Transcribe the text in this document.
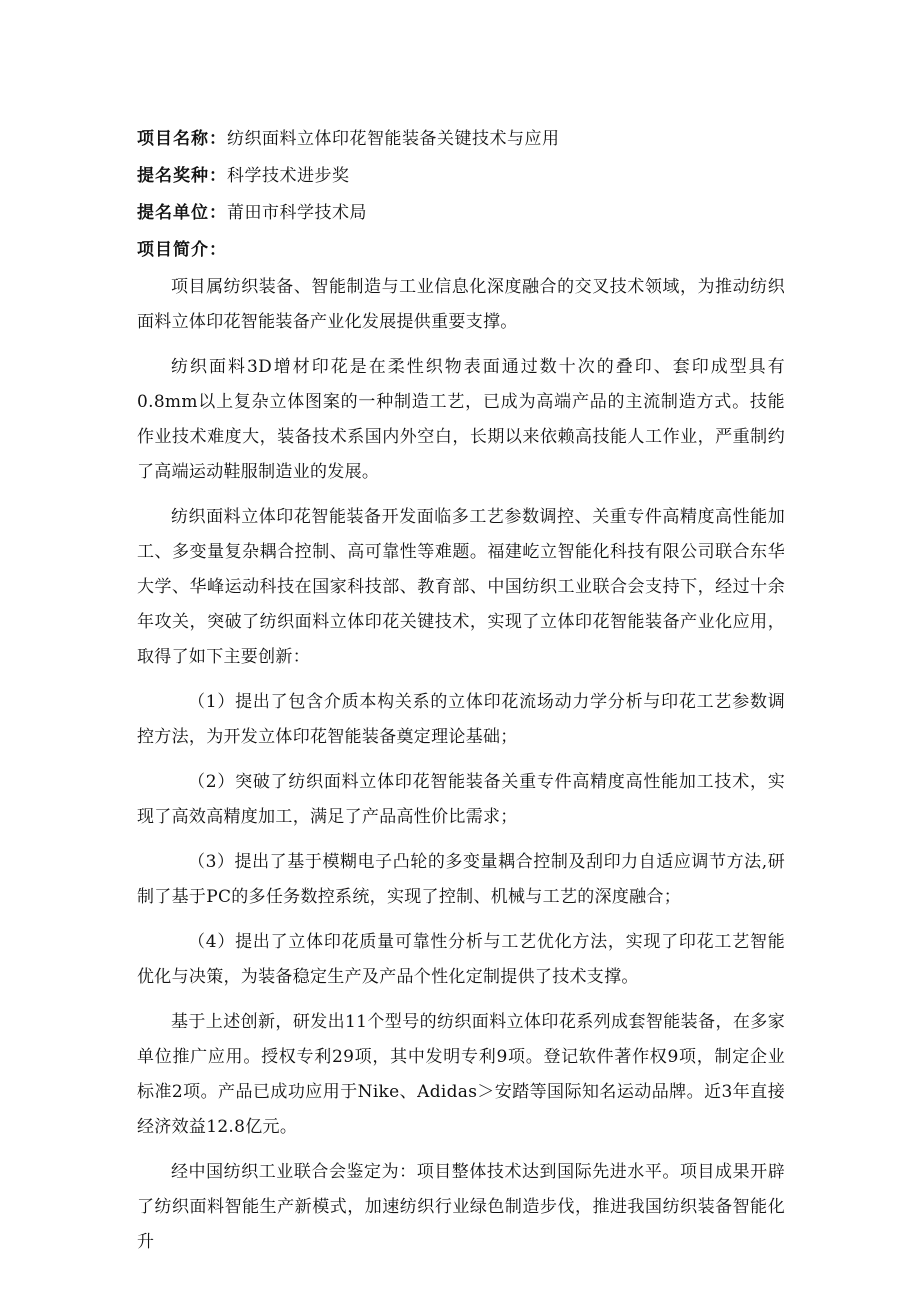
项目名称：纺织面料立体印花智能装备关键技术与应用
提名奖种：科学技术进步奖
提名单位：莆田市科学技术局
项目简介：

项目属纺织装备、智能制造与工业信息化深度融合的交叉技术领域，为推动纺织面料立体印花智能装备产业化发展提供重要支撑。

纺织面料3D增材印花是在柔性织物表面通过数十次的叠印、套印成型具有0.8mm以上复杂立体图案的一种制造工艺，已成为高端产品的主流制造方式。技能作业技术难度大，装备技术系国内外空白，长期以来依赖高技能人工作业，严重制约了高端运动鞋服制造业的发展。

纺织面料立体印花智能装备开发面临多工艺参数调控、关重专件高精度高性能加工、多变量复杂耦合控制、高可靠性等难题。福建屹立智能化科技有限公司联合东华大学、华峰运动科技在国家科技部、教育部、中国纺织工业联合会支持下，经过十余年攻关，突破了纺织面料立体印花关键技术，实现了立体印花智能装备产业化应用，取得了如下主要创新：

（1）提出了包含介质本构关系的立体印花流场动力学分析与印花工艺参数调控方法，为开发立体印花智能装备奠定理论基础；

（2）突破了纺织面料立体印花智能装备关重专件高精度高性能加工技术，实现了高效高精度加工，满足了产品高性价比需求；

（3）提出了基于模糊电子凸轮的多变量耦合控制及刮印力自适应调节方法,研制了基于PC的多任务数控系统，实现了控制、机械与工艺的深度融合；

（4）提出了立体印花质量可靠性分析与工艺优化方法，实现了印花工艺智能优化与决策，为装备稳定生产及产品个性化定制提供了技术支撑。

基于上述创新，研发出11个型号的纺织面料立体印花系列成套智能装备，在多家单位推广应用。授权专利29项，其中发明专利9项。登记软件著作权9项，制定企业标准2项。产品已成功应用于Nike、Adidas＞安踏等国际知名运动品牌。近3年直接经济效益12.8亿元。

经中国纺织工业联合会鉴定为：项目整体技术达到国际先进水平。项目成果开辟了纺织面料智能生产新模式，加速纺织行业绿色制造步伐，推进我国纺织装备智能化升
